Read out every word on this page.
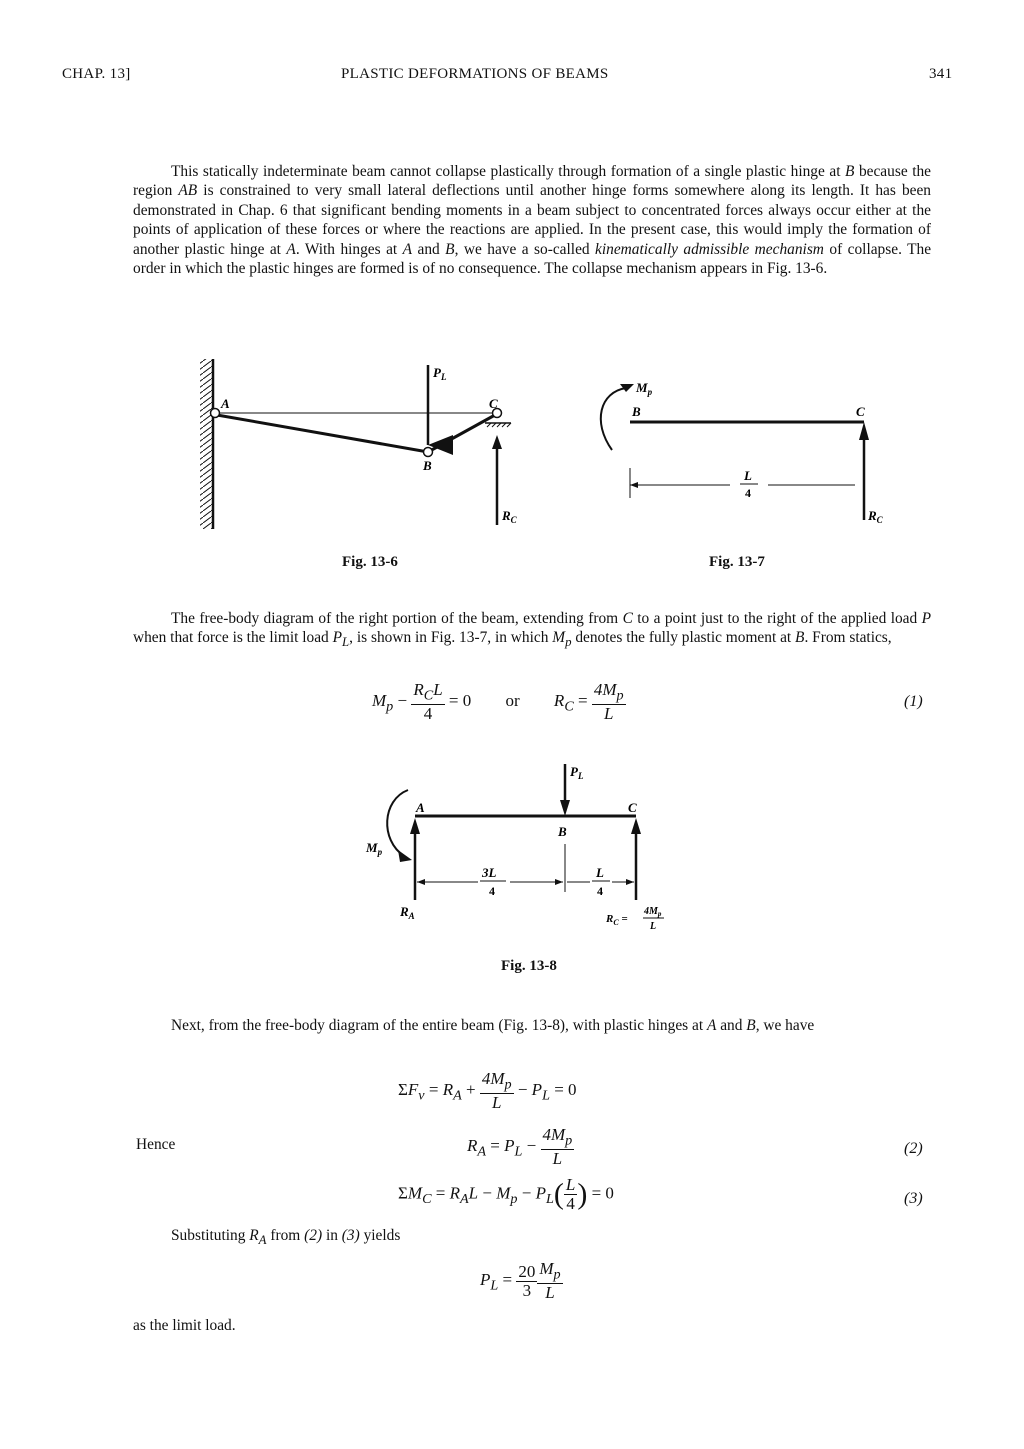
CHAP. 13]	PLASTIC DEFORMATIONS OF BEAMS	341
This statically indeterminate beam cannot collapse plastically through formation of a single plastic hinge at B because the region AB is constrained to very small lateral deflections until another hinge forms somewhere along its length. It has been demonstrated in Chap. 6 that significant bending moments in a beam subject to concentrated forces always occur either at the points of application of these forces or where the reactions are applied. In the present case, this would imply the formation of another plastic hinge at A. With hinges at A and B, we have a so-called kinematically admissible mechanism of collapse. The order in which the plastic hinges are formed is of no consequence. The collapse mechanism appears in Fig. 13-6.
A	C
B
$P_L$
$R_C$
Fig. 13-6
$M_p$
B	C
L
4
$R_C$
Fig. 13-7
The free-body diagram of the right portion of the beam, extending from C to a point just to the right of the applied load P when that force is the limit load $P_L$, is shown in Fig. 13-7, in which $M_p$ denotes the fully plastic moment at B. From statics,
$M_p - \frac{R_CL}{4} = 0$ or $R_C = \frac{4M_p}{L}$	(1)
$P_L$
A
B
C
$M_p$
3L
4
L
4
$R_A$	$R_C$ =
$4M_p$
L
Fig. 13-8
Next, from the free-body diagram of the entire beam (Fig. 13-8), with plastic hinges at A and B, we have
$\Sigma F_v = R_A + \frac{4M_p}{L} - P_L = 0$
Hence	$R_A = P_L - \frac{4M_p}{L}$	(2)
$\Sigma M_C = R_AL - M_p - P_L( \frac{L}{4}$ ) = 0	(3)
Substituting $R_A$ from (2) in (3) yields
$P_L = \frac{20}{3} \frac{M_p}{L}$
as the limit load.
